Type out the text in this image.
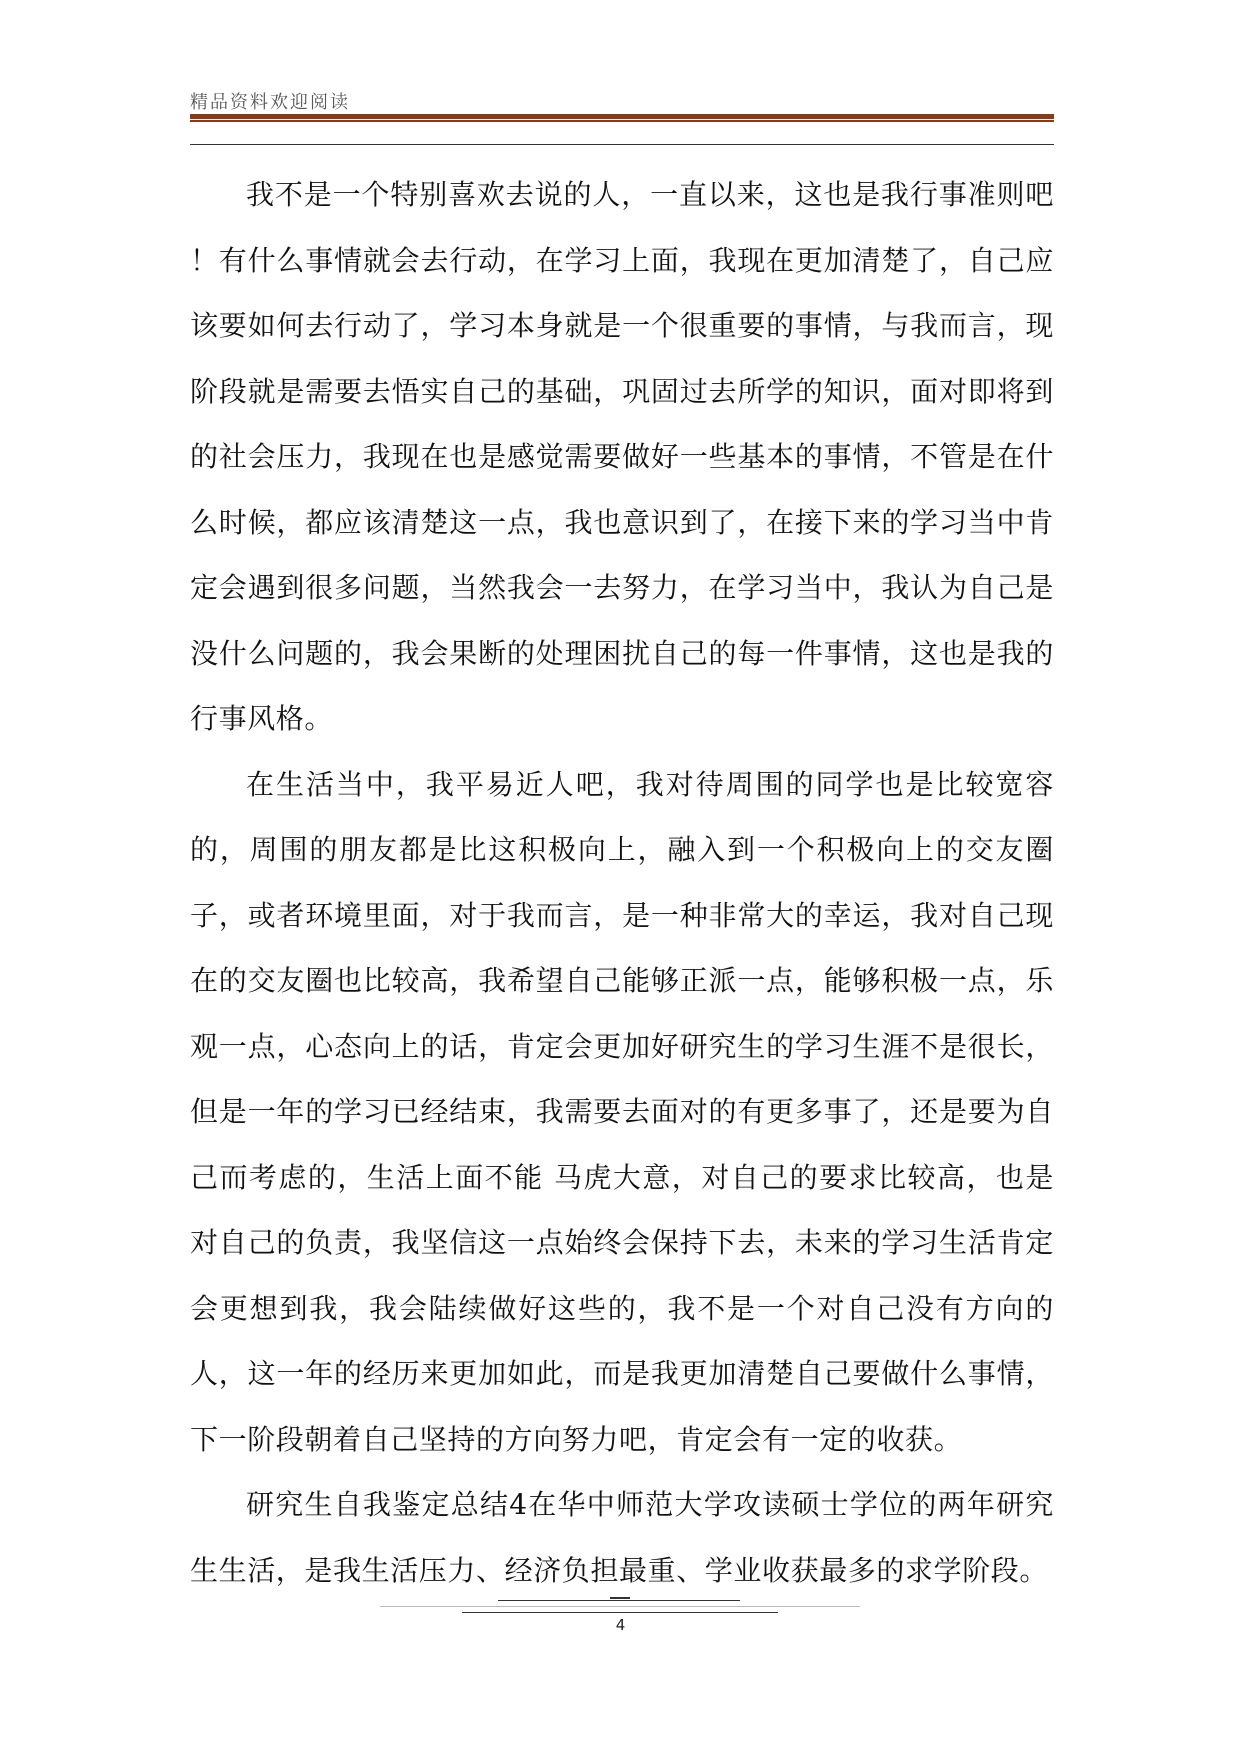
精品资料欢迎阅读

我不是一个特别喜欢去说的人，一直以来，这也是我行事准则吧 ！有什么事情就会去行动，在学习上面，我现在更加清楚了，自己应该要如何去行动了，学习本身就是一个很重要的事情，与我而言，现阶段就是需要去悟实自己的基础，巩固过去所学的知识，面对即将到的社会压力，我现在也是感觉需要做好一些基本的事情，不管是在什么时候，都应该清楚这一点，我也意识到了，在接下来的学习当中肯定会遇到很多问题，当然我会一去努力，在学习当中，我认为自己是没什么问题的，我会果断的处理困扰自己的每一件事情，这也是我的行事风格。

在生活当中，我平易近人吧，我对待周围的同学也是比较宽容的，周围的朋友都是比这积极向上，融入到一个积极向上的交友圈子，或者环境里面，对于我而言，是一种非常大的幸运，我对自己现在的交友圈也比较高，我希望自己能够正派一点，能够积极一点，乐观一点，心态向上的话，肯定会更加好研究生的学习生涯不是很长，但是一年的学习已经结束，我需要去面对的有更多事了，还是要为自己而考虑的，生活上面不能 马虎大意，对自己的要求比较高，也是对自己的负责，我坚信这一点始终会保持下去，未来的学习生活肯定会更想到我，我会陆续做好这些的，我不是一个对自己没有方向的人，这一年的经历来更加如此，而是我更加清楚自己要做什么事情，下一阶段朝着自己坚持的方向努力吧，肯定会有一定的收获。

研究生自我鉴定总结4在华中师范大学攻读硕士学位的两年研究生生活，是我生活压力、经济负担最重、学业收获最多的求学阶段。

4
